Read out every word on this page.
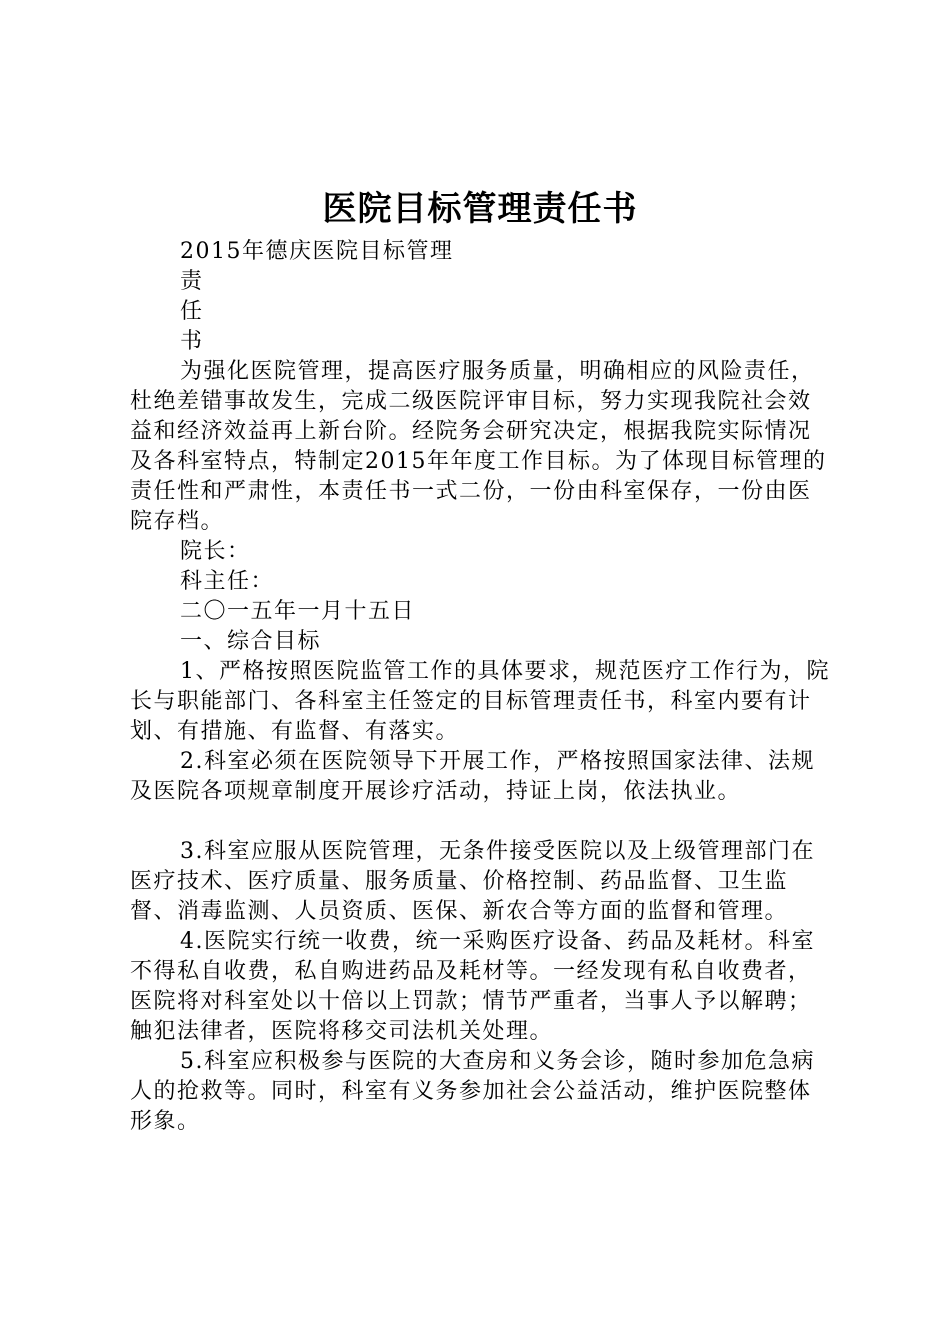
医院目标管理责任书

2015年德庆医院目标管理

责

任

书

为强化医院管理，提高医疗服务质量，明确相应的风险责任，杜绝差错事故发生，完成二级医院评审目标，努力实现我院社会效益和经济效益再上新台阶。经院务会研究决定，根据我院实际情况及各科室特点，特制定2015年年度工作目标。为了体现目标管理的责任性和严肃性，本责任书一式二份，一份由科室保存，一份由医院存档。

院长：

科主任：

二〇一五年一月十五日

一、综合目标

1、严格按照医院监管工作的具体要求，规范医疗工作行为，院长与职能部门、各科室主任签定的目标管理责任书，科室内要有计划、有措施、有监督、有落实。

2.科室必须在医院领导下开展工作，严格按照国家法律、法规及医院各项规章制度开展诊疗活动，持证上岗，依法执业。

3.科室应服从医院管理，无条件接受医院以及上级管理部门在医疗技术、医疗质量、服务质量、价格控制、药品监督、卫生监督、消毒监测、人员资质、医保、新农合等方面的监督和管理。

4.医院实行统一收费，统一采购医疗设备、药品及耗材。科室不得私自收费，私自购进药品及耗材等。一经发现有私自收费者，医院将对科室处以十倍以上罚款；情节严重者，当事人予以解聘；触犯法律者，医院将移交司法机关处理。

5.科室应积极参与医院的大查房和义务会诊，随时参加危急病人的抢救等。同时，科室有义务参加社会公益活动，维护医院整体形象。
